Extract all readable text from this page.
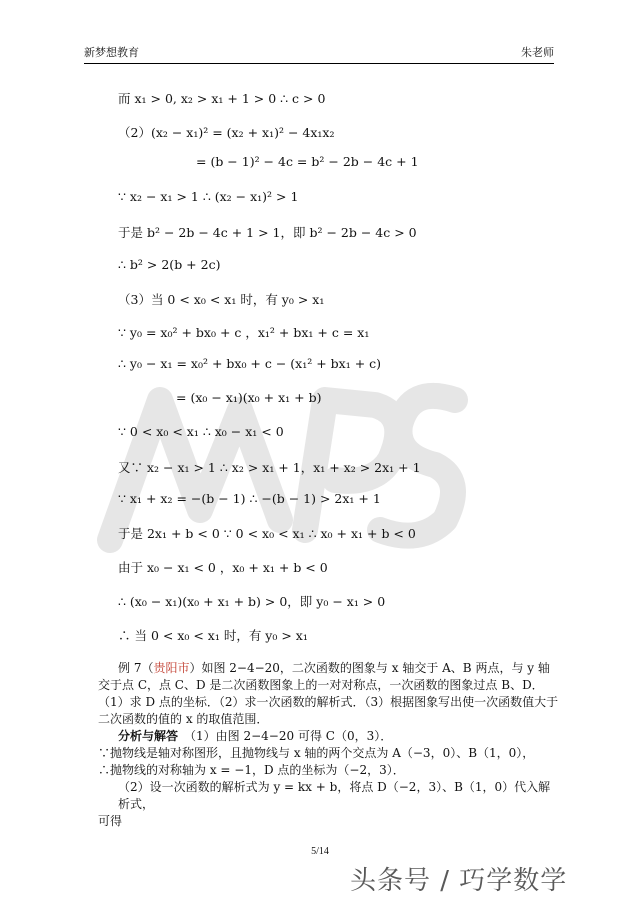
新梦想教育	朱老师
而 x₁ > 0, x₂ > x₁ + 1 > 0 ∴ c > 0
（2）(x₂ − x₁)² = (x₂ + x₁)² − 4x₁x₂
= (b − 1)² − 4c = b² − 2b − 4c + 1
∵ x₂ − x₁ > 1 ∴ (x₂ − x₁)² > 1
于是 b² − 2b − 4c + 1 > 1，即 b² − 2b − 4c > 0
∴ b² > 2(b + 2c)
（3）当 0 < x₀ < x₁ 时，有 y₀ > x₁
∵ y₀ = x₀² + bx₀ + c ，x₁² + bx₁ + c = x₁
∴ y₀ − x₁ = x₀² + bx₀ + c − (x₁² + bx₁ + c)
= (x₀ − x₁)(x₀ + x₁ + b)
∵ 0 < x₀ < x₁ ∴ x₀ − x₁ < 0
又∵ x₂ − x₁ > 1 ∴ x₂ > x₁ + 1，x₁ + x₂ > 2x₁ + 1
∵ x₁ + x₂ = −(b − 1) ∴ −(b − 1) > 2x₁ + 1
于是 2x₁ + b < 0 ∵ 0 < x₀ < x₁ ∴ x₀ + x₁ + b < 0
由于 x₀ − x₁ < 0 ，x₀ + x₁ + b < 0
∴ (x₀ − x₁)(x₀ + x₁ + b) > 0，即 y₀ − x₁ > 0
∴ 当 0 < x₀ < x₁ 时，有 y₀ > x₁
例 7（贵阳市）如图 2−4−20，二次函数的图象与 x 轴交于 A、B 两点，与 y 轴交于点 C，点 C、D 是二次函数图象上的一对对称点，一次函数的图象过点 B、D．（1）求 D 点的坐标．（2）求一次函数的解析式．（3）根据图象写出使一次函数值大于二次函数的值的 x 的取值范围．
分析与解答　 （1）由图 2−4−20 可得 C（0，3）．
∵抛物线是轴对称图形，且抛物线与 x 轴的两个交点为 A（−3，0）、B（1，0），
∴抛物线的对称轴为 x = −1，D 点的坐标为（−2，3）．
（2）设一次函数的解析式为 y = kx + b，将点 D（−2，3）、B（1，0）代入解析式，
可得
5/14
头条号 / 巧学数学
